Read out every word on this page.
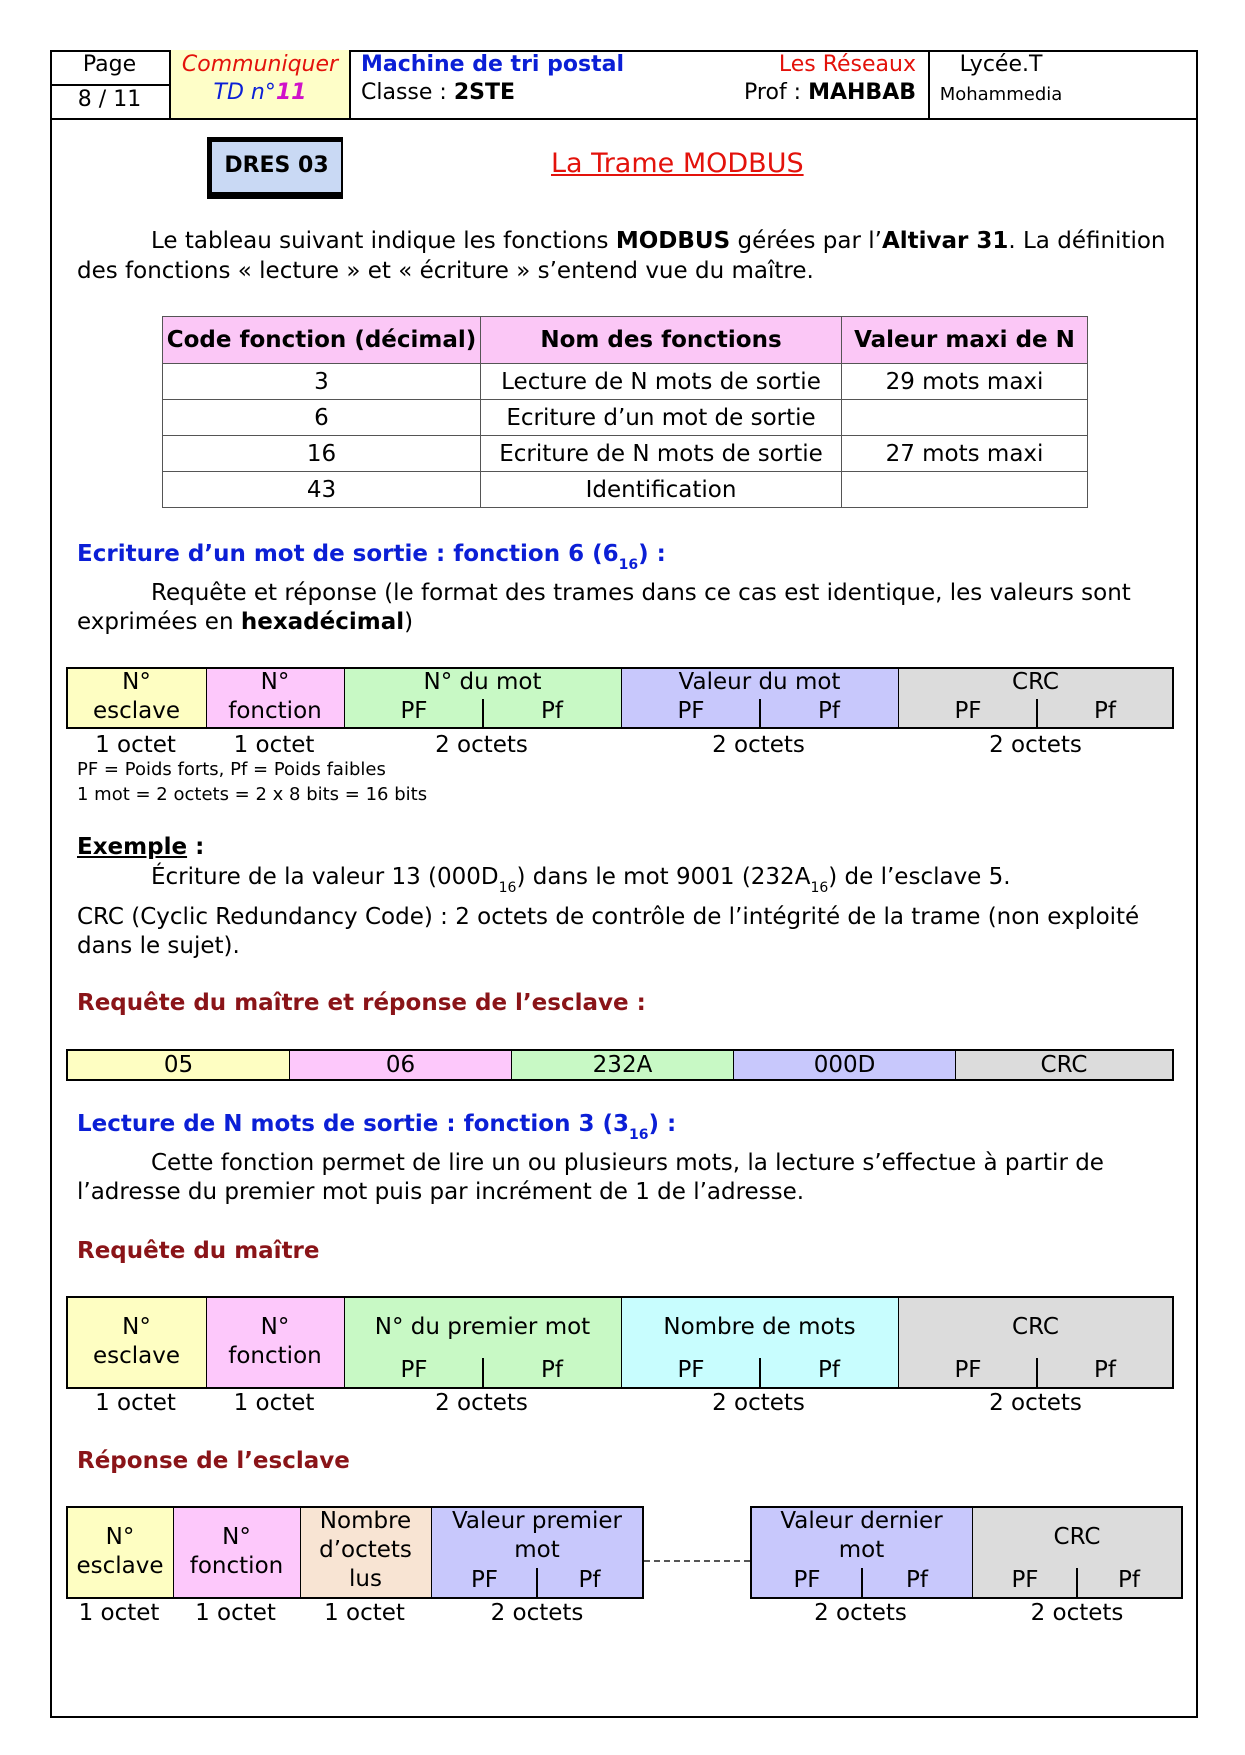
Page
8 / 11
Communiquer
TD n°11
Machine de tri postal
Classe : 2STE
Les Réseaux
Prof : MAHBAB
Lycée.T
Mohammedia
DRES 03	La Trame MODBUS

Le tableau suivant indique les fonctions MODBUS gérées par l’Altivar 31. La définition

des fonctions « lecture » et « écriture » s’entend vue du maître.

Code fonction (décimal)	Nom des fonctions	Valeur maxi de N
3	Lecture de N mots de sortie	29 mots maxi
6	Ecriture d’un mot de sortie	
16	Ecriture de N mots de sortie	27 mots maxi
43	Identification	
Ecriture d’un mot de sortie : fonction 6 $(6_{16})$ :

Requête et réponse (le format des trames dans ce cas est identique, les valeurs sont

exprimées en hexadécimal)

N°
esclave
N°
fonction
N° du mot
PF	Pf
Valeur du mot
PF	Pf
CRC
PF	Pf
1 octet	1 octet	2 octets	2 octets	2 octets
PF = Poids forts, Pf = Poids faibles
1 mot = 2 octets = 2 x 8 bits = 16 bits
Exemple :

Écriture de la valeur 13 $(000D_{16})$ dans le mot 9001 $(232A_{16})$ de l’esclave 5.

CRC (Cyclic Redundancy Code) : 2 octets de contrôle de l’intégrité de la trame (non exploité

dans le sujet).

Requête du maître et réponse de l’esclave :
05	06	232A	000D	CRC
Lecture de N mots de sortie : fonction 3 $(3_{16})$ :

Cette fonction permet de lire un ou plusieurs mots, la lecture s’effectue à partir de

l’adresse du premier mot puis par incrément de 1 de l’adresse.

Requête du maître
N°
esclave
N°
fonction
N° du premier mot
PF	Pf
Nombre de mots
PF	Pf
CRC
PF	Pf
1 octet	1 octet	2 octets	2 octets	2 octets
Réponse de l’esclave
N°
esclave
N°
fonction
Nombre
d’octets
lus
Valeur premier
mot
PF	Pf
Valeur dernier
mot
PF	Pf
CRC
PF	Pf
1 octet	1 octet	1 octet	2 octets	2 octets	2 octets
